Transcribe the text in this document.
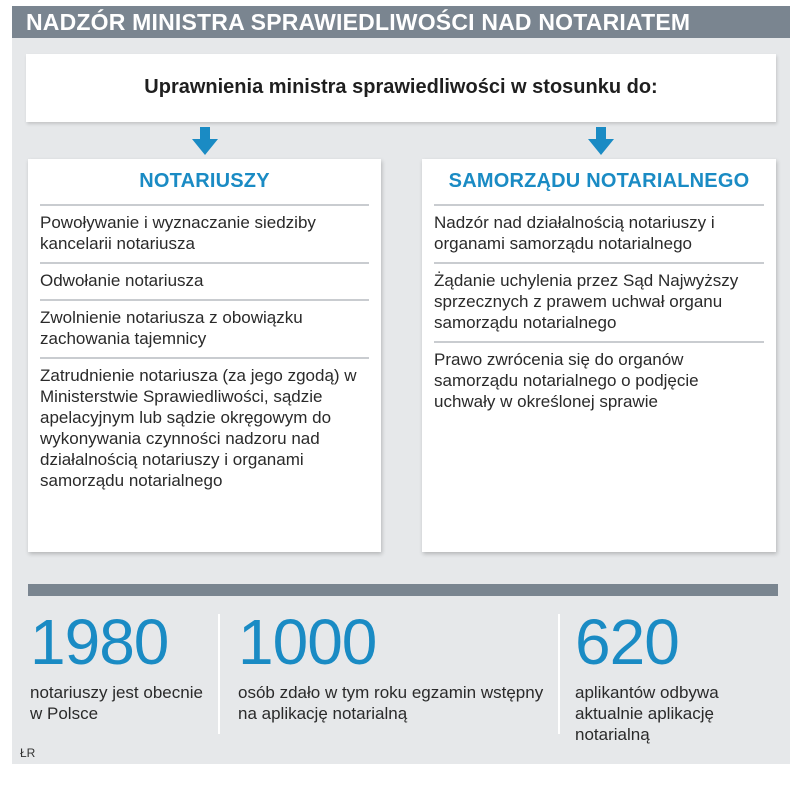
NADZÓR MINISTRA SPRAWIEDLIWOŚCI NAD NOTARIATEM
Uprawnienia ministra sprawiedliwości w stosunku do:
NOTARIUSZY
Powoływanie i wyznaczanie siedziby kancelarii notariusza
Odwołanie notariusza
Zwolnienie notariusza z obowiązku zachowania tajemnicy
Zatrudnienie notariusza (za jego zgodą) w Ministerstwie Sprawiedliwości, sądzie apelacyjnym lub sądzie okręgowym do wykonywania czynności nadzoru nad działalnością notariuszy i organami samorządu notarialnego
SAMORZĄDU NOTARIALNEGO
Nadzór nad działalnością notariuszy i organami samorządu notarialnego
Żądanie uchylenia przez Sąd Najwyższy sprzecznych z prawem uchwał organu samorządu notarialnego
Prawo zwrócenia się do organów samorządu notarialnego o podjęcie uchwały w określonej sprawie
1980
notariuszy jest obecnie w Polsce
1000
osób zdało w tym roku egzamin wstępny na aplikację notarialną
620
aplikantów odbywa aktualnie aplikację notarialną
ŁR
